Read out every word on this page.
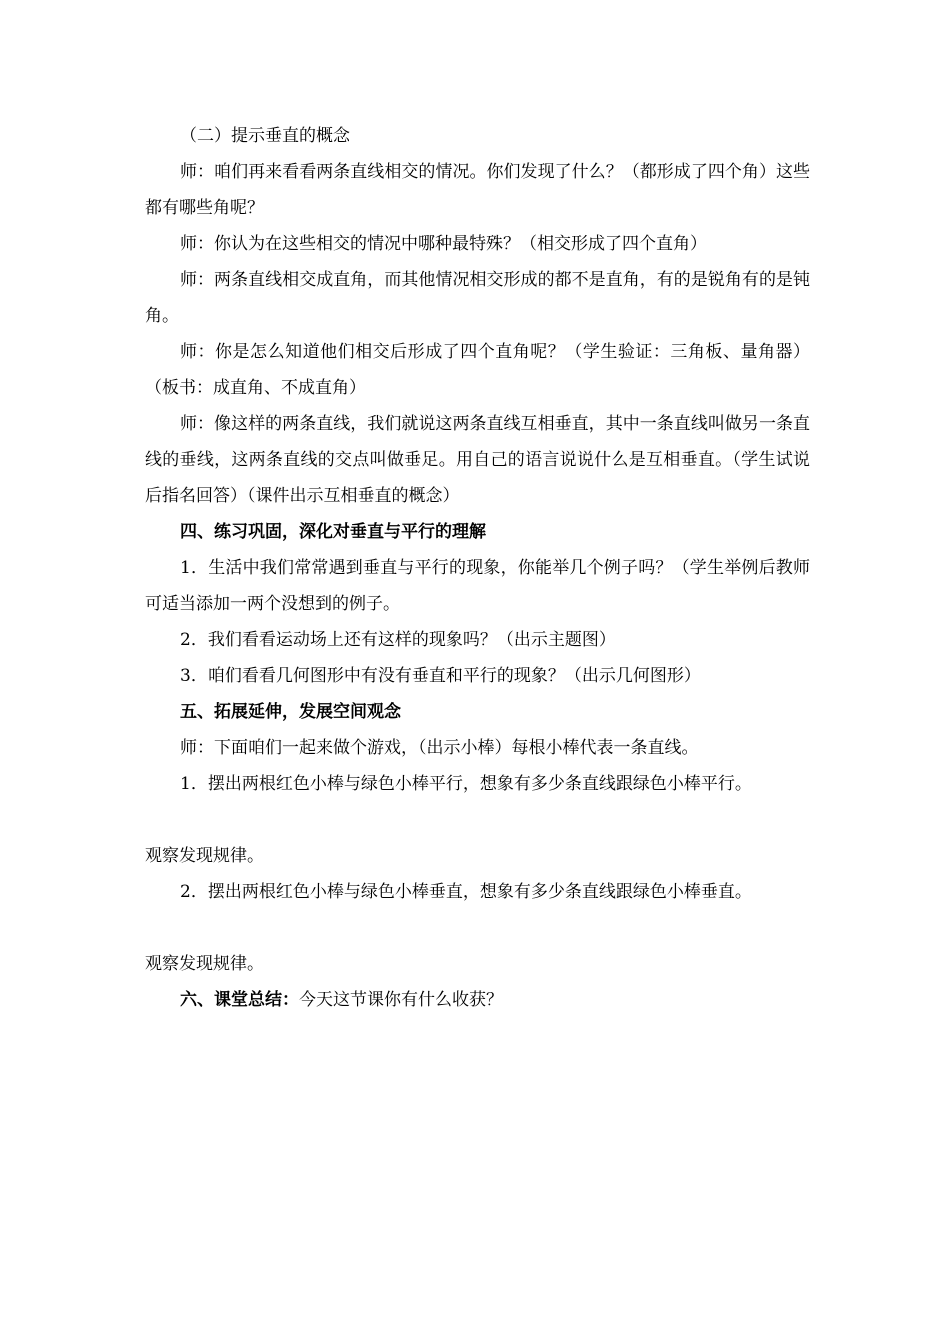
（二）提示垂直的概念

师：咱们再来看看两条直线相交的情况。你们发现了什么？（都形成了四个角）这些都有哪些角呢？

师：你认为在这些相交的情况中哪种最特殊？（相交形成了四个直角）

师：两条直线相交成直角，而其他情况相交形成的都不是直角，有的是锐角有的是钝角。

师：你是怎么知道他们相交后形成了四个直角呢？（学生验证：三角板、量角器）（板书：成直角、不成直角）

师：像这样的两条直线，我们就说这两条直线互相垂直，其中一条直线叫做另一条直线的垂线，这两条直线的交点叫做垂足。用自己的语言说说什么是互相垂直。（学生试说后指名回答）（课件出示互相垂直的概念）

四、练习巩固，深化对垂直与平行的理解

1．生活中我们常常遇到垂直与平行的现象，你能举几个例子吗？（学生举例后教师可适当添加一两个没想到的例子。

2．我们看看运动场上还有这样的现象吗？（出示主题图）

3．咱们看看几何图形中有没有垂直和平行的现象？（出示几何图形）

五、拓展延伸，发展空间观念

师：下面咱们一起来做个游戏，（出示小棒）每根小棒代表一条直线。

1．摆出两根红色小棒与绿色小棒平行，想象有多少条直线跟绿色小棒平行。

观察发现规律。

2．摆出两根红色小棒与绿色小棒垂直，想象有多少条直线跟绿色小棒垂直。

观察发现规律。

六、课堂总结：今天这节课你有什么收获？
